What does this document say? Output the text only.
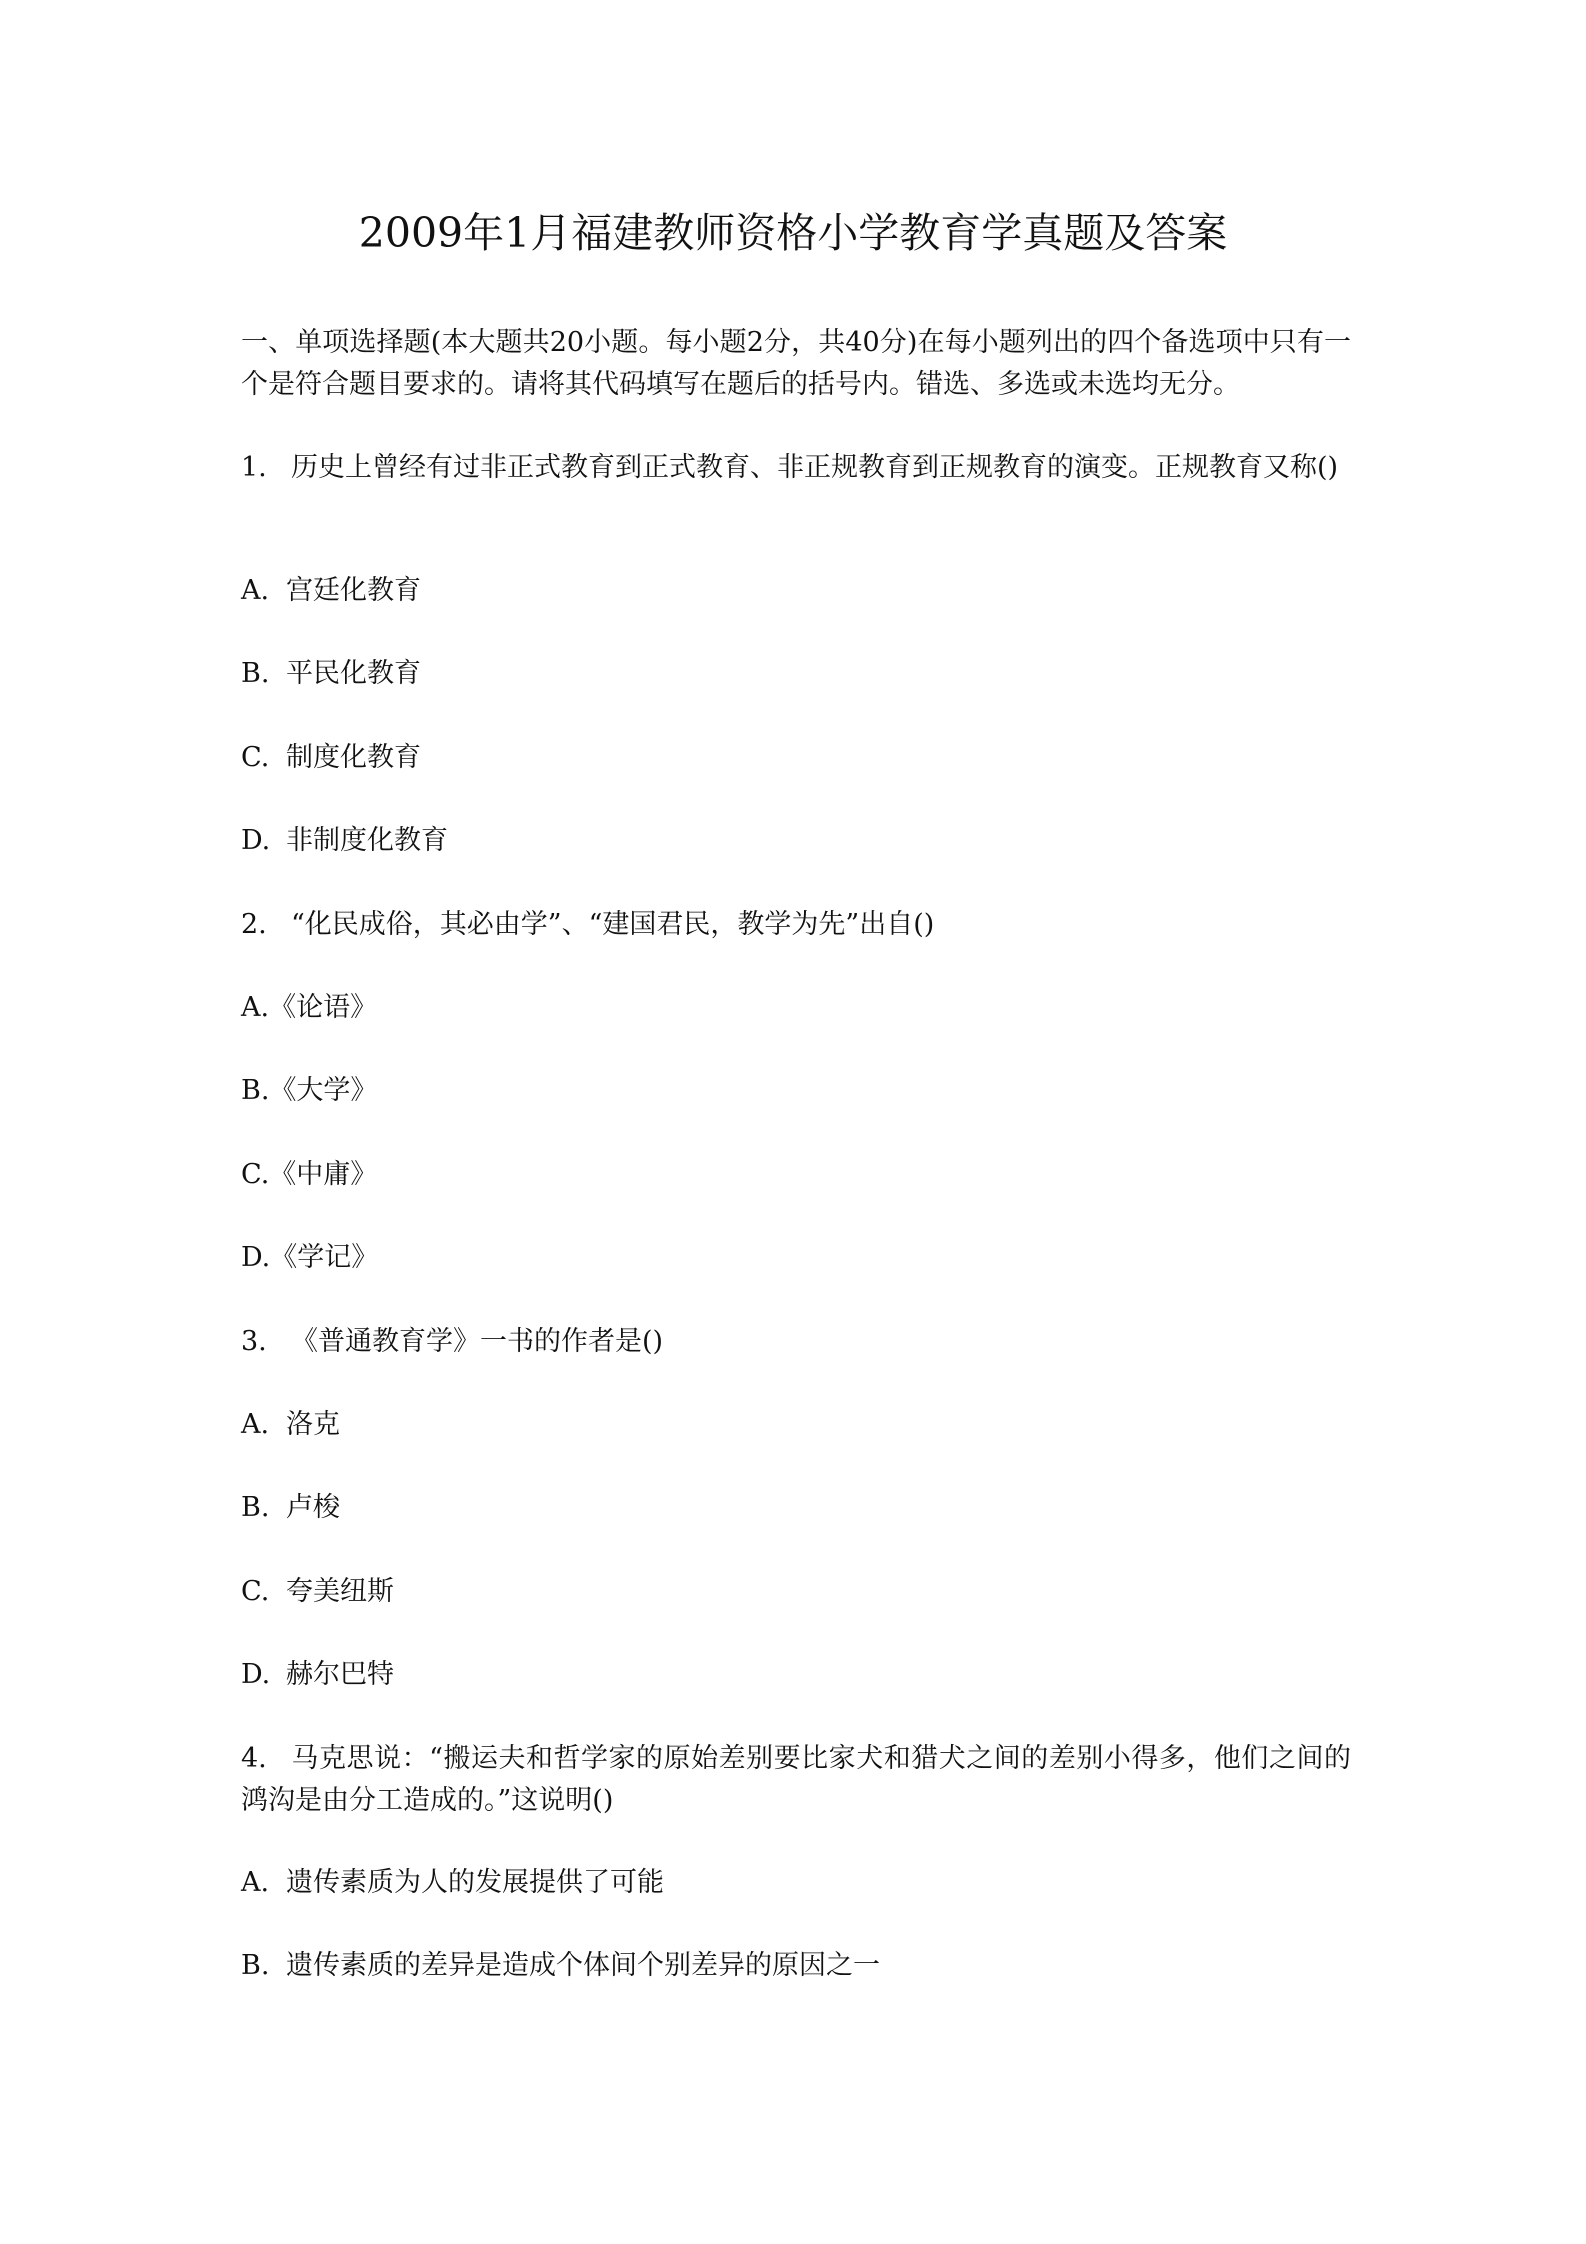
2009年1月福建教师资格小学教育学真题及答案
一、单项选择题(本大题共20小题。每小题2分，共40分)在每小题列出的四个备选项中只有一个是符合题目要求的。请将其代码填写在题后的括号内。错选、多选或未选均无分。
1. 历史上曾经有过非正式教育到正式教育、非正规教育到正规教育的演变。正规教育又称()
A. 宫廷化教育
B. 平民化教育
C. 制度化教育
D. 非制度化教育
2. “化民成俗，其必由学”、“建国君民，教学为先”出自()
A.《论语》
B.《大学》
C.《中庸》
D.《学记》
3. 《普通教育学》一书的作者是()
A. 洛克
B. 卢梭
C. 夸美纽斯
D. 赫尔巴特
4. 马克思说：“搬运夫和哲学家的原始差别要比家犬和猎犬之间的差别小得多，他们之间的鸿沟是由分工造成的。”这说明()
A. 遗传素质为人的发展提供了可能
B. 遗传素质的差异是造成个体间个别差异的原因之一
